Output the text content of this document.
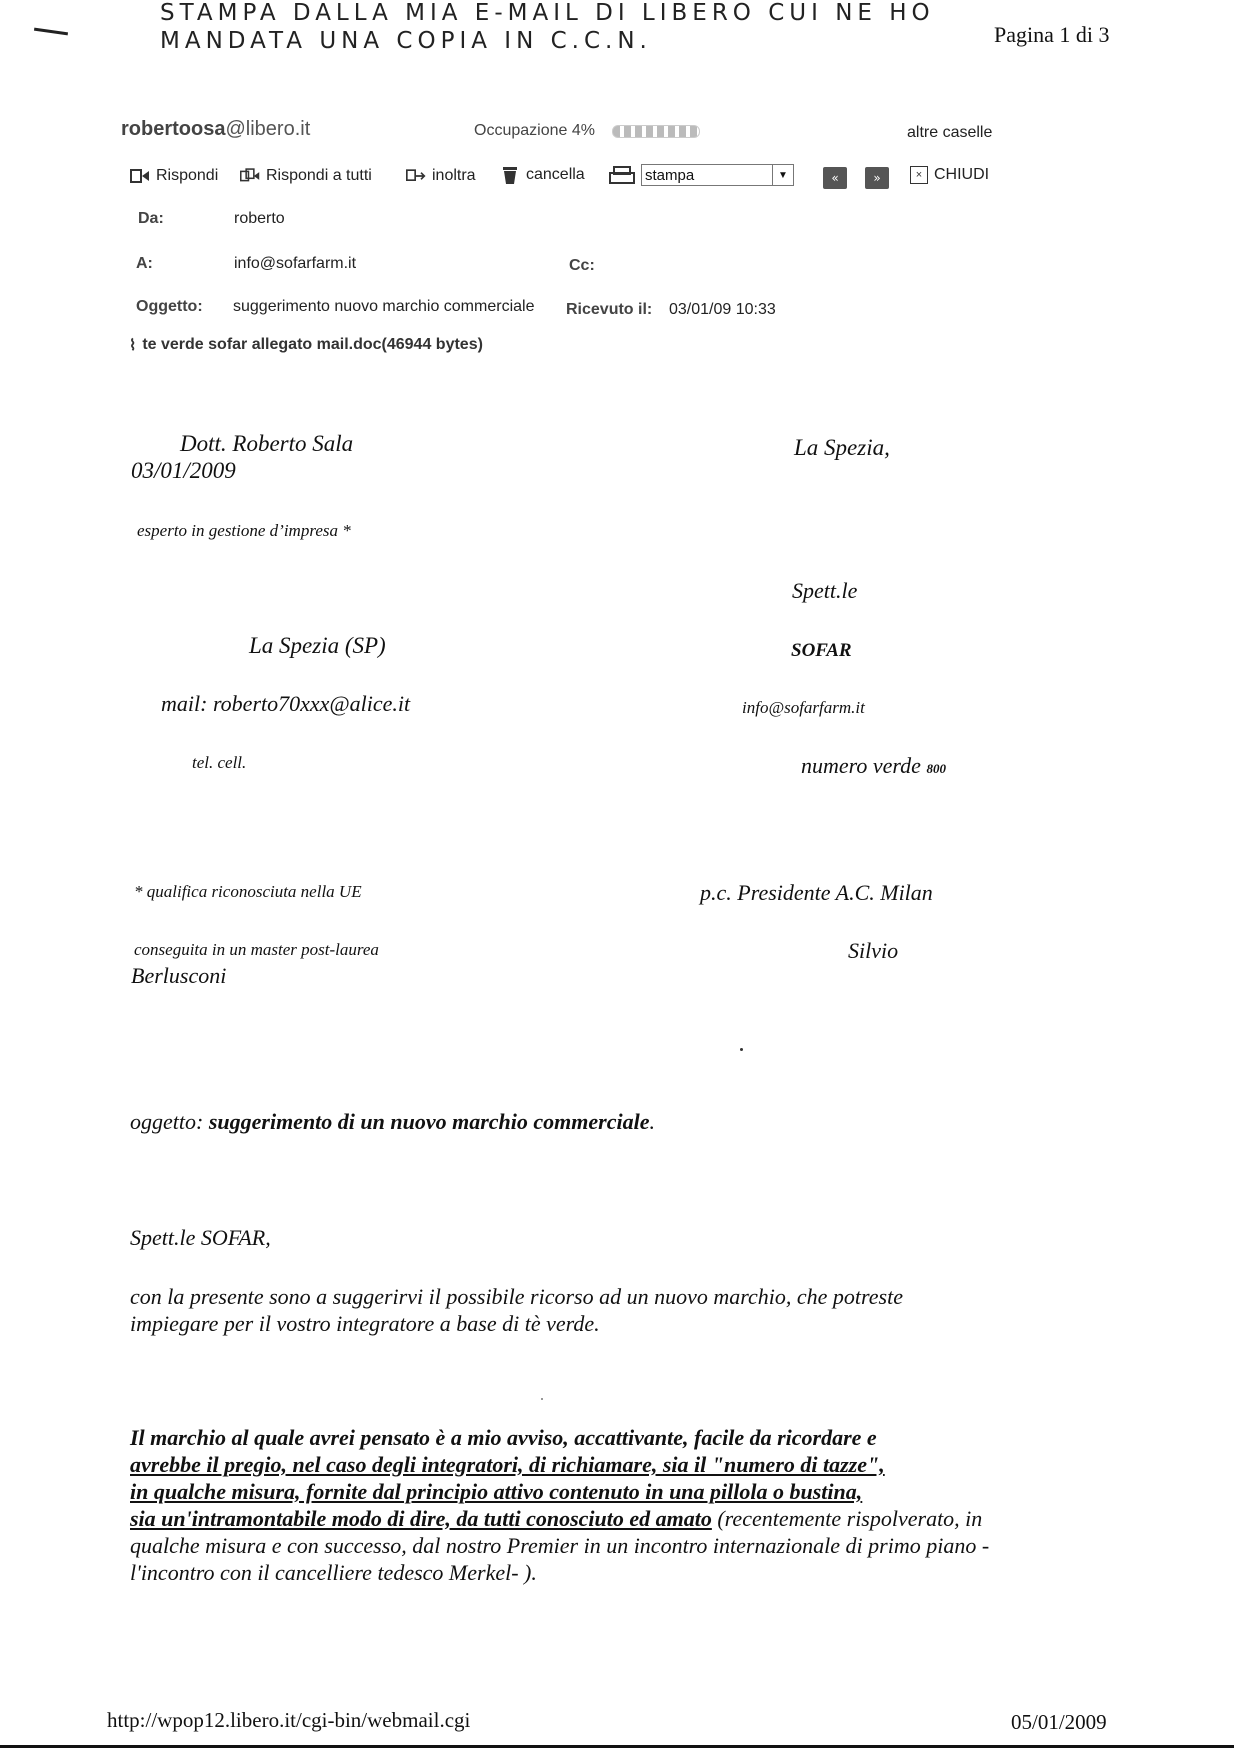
STAMPA DALLA MIA E-MAIL DI LIBERO CUI NE HO
MANDATA UNA COPIA IN C.C.N.	Pagina 1 di 3
robertoosa@libero.it	Occupazione 4%	altre caselle
Rispondi	Rispondi a tutti	inoltra	cancella	stampa	▼	«	»	× CHIUDI
Da:	roberto
A:	info@sofarfarm.it	Cc:
Oggetto: suggerimento nuovo marchio commerciale Ricevuto il: 03/01/09 10:33
⌇ te verde sofar allegato mail.doc(46944 bytes)
Dott. Roberto Sala
03/01/2009
La Spezia,
esperto in gestione d’impresa *
Spett.le
La Spezia (SP)	SOFAR
mail: roberto70xxx@alice.it	info@sofarfarm.it
tel. cell.	numero verde 800
* qualifica riconosciuta nella UE	p.c. Presidente A.C. Milan
conseguita in un master post-laurea	Silvio
Berlusconi
oggetto: suggerimento di un nuovo marchio commerciale.
Spett.le SOFAR,
con la presente sono a suggerirvi il possibile ricorso ad un nuovo marchio, che potreste impiegare per il vostro integratore a base di tè verde.
Il marchio al quale avrei pensato è a mio avviso, accattivante, facile da ricordare e
avrebbe il pregio, nel caso degli integratori, di richiamare, sia il "numero di tazze",
in qualche misura, fornite dal principio attivo contenuto in una pillola o bustina,
sia un'intramontabile modo di dire, da tutti conosciuto ed amato (recentemente rispolverato, in qualche misura e con successo, dal nostro Premier in un incontro internazionale di primo piano - l'incontro con il cancelliere tedesco Merkel- ).
http://wpop12.libero.it/cgi-bin/webmail.cgi	05/01/2009
